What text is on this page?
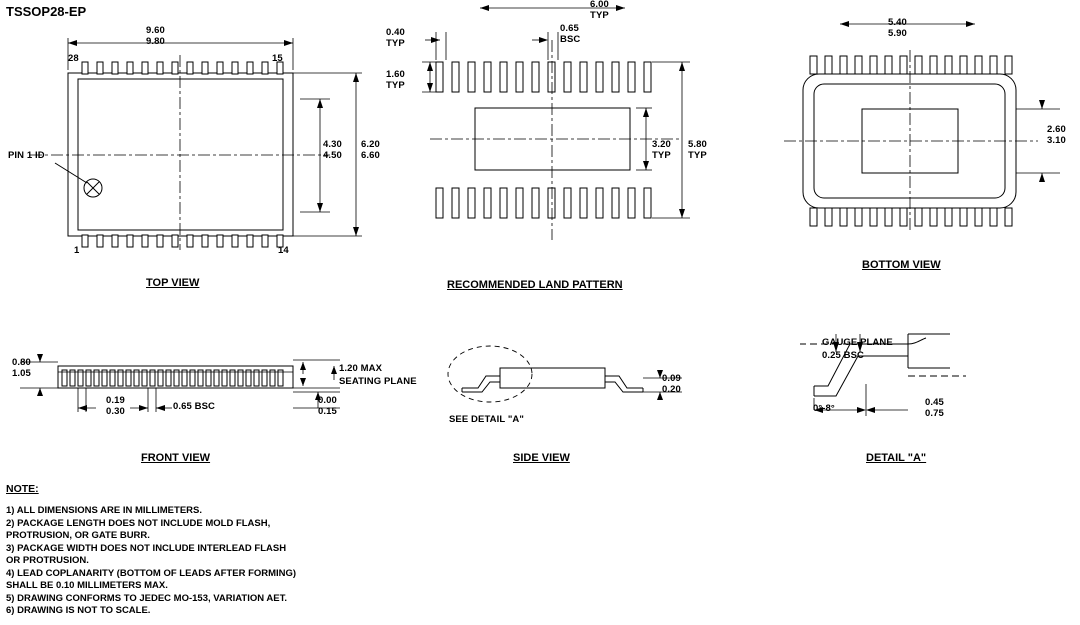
TSSOP28-EP
9.60
9.80
28	15
1	14
PIN 1 ID
4.30
4.50
6.20
6.60
TOP VIEW
6.00
TYP
0.65
BSC
0.40
TYP
1.60
TYP
3.20
TYP
5.80
TYP
RECOMMENDED LAND PATTERN
5.40
5.90
2.60
3.10
BOTTOM VIEW
0.80
1.05
0.19
0.30	0.65 BSC
0.00
0.15
1.20 MAX
SEATING PLANE
FRONT VIEW
0.09
0.20
SEE DETAIL "A"
SIDE VIEW
GAUGE PLANE
0.25 BSC
0°-8°
0.45
0.75
DETAIL "A"
NOTE:
1) ALL DIMENSIONS ARE IN MILLIMETERS.
2) PACKAGE LENGTH DOES NOT INCLUDE MOLD FLASH,
PROTRUSION, OR GATE BURR.
3) PACKAGE WIDTH DOES NOT INCLUDE INTERLEAD FLASH
OR PROTRUSION.
4) LEAD COPLANARITY (BOTTOM OF LEADS AFTER FORMING)
SHALL BE 0.10 MILLIMETERS MAX.
5) DRAWING CONFORMS TO JEDEC MO-153, VARIATION AET.
6) DRAWING IS NOT TO SCALE.
